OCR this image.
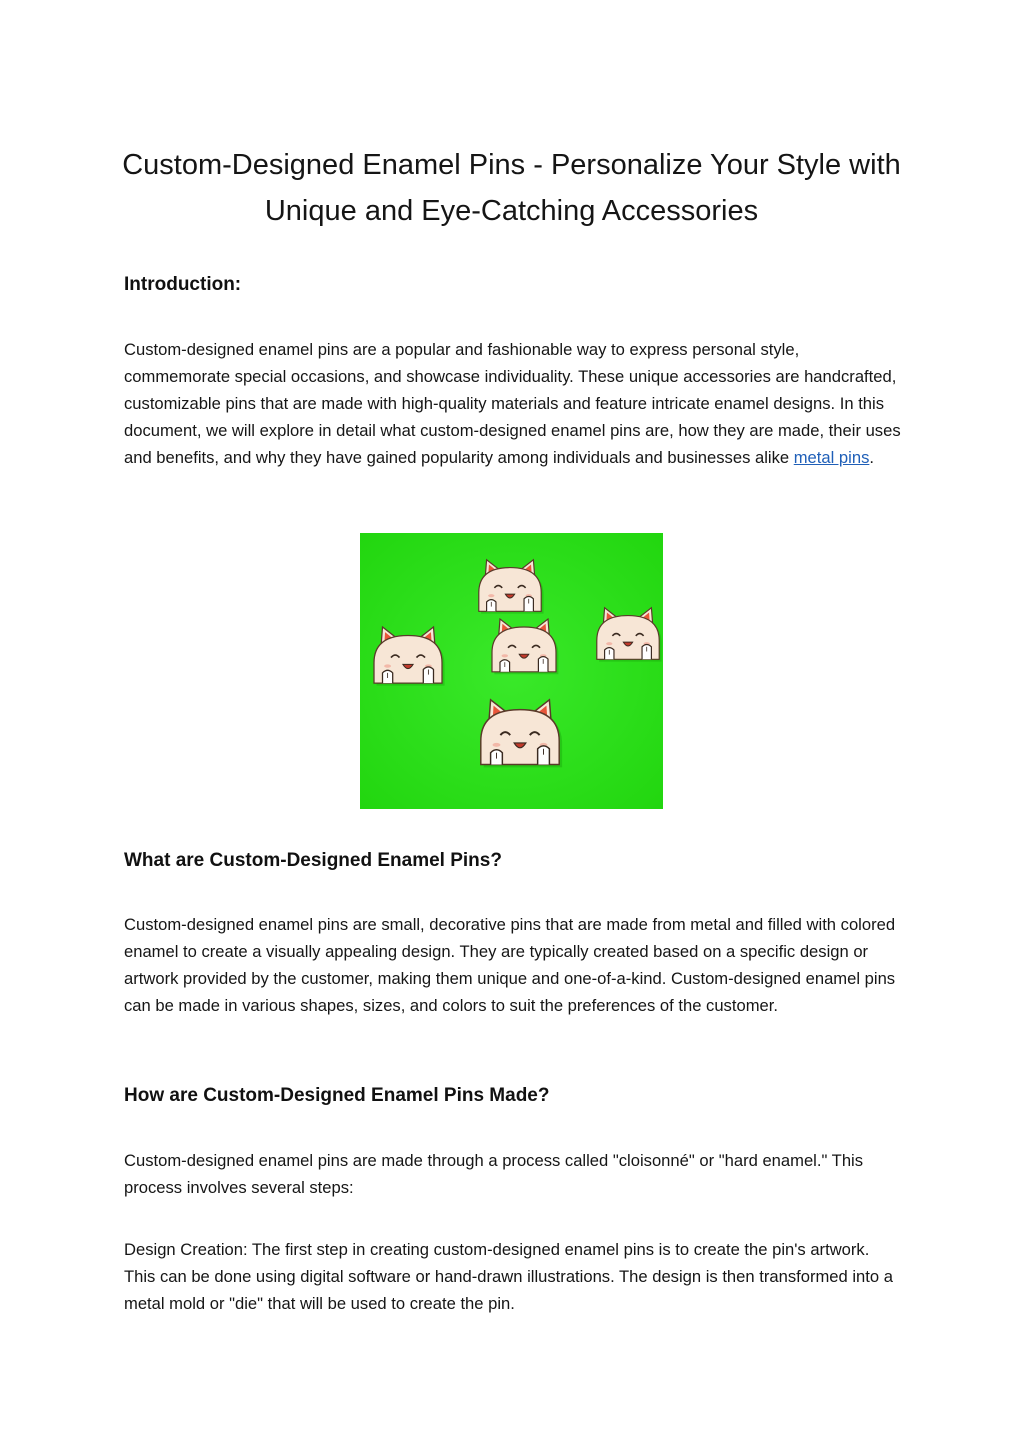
Custom-Designed Enamel Pins - Personalize Your Style with Unique and Eye-Catching Accessories
Introduction:

Custom-designed enamel pins are a popular and fashionable way to express personal style, commemorate special occasions, and showcase individuality. These unique accessories are handcrafted, customizable pins that are made with high-quality materials and feature intricate enamel designs. In this document, we will explore in detail what custom-designed enamel pins are, how they are made, their uses and benefits, and why they have gained popularity among individuals and businesses alike metal pins.

What are Custom-Designed Enamel Pins?

Custom-designed enamel pins are small, decorative pins that are made from metal and filled with colored enamel to create a visually appealing design. They are typically created based on a specific design or artwork provided by the customer, making them unique and one-of-a-kind. Custom-designed enamel pins can be made in various shapes, sizes, and colors to suit the preferences of the customer.

How are Custom-Designed Enamel Pins Made?

Custom-designed enamel pins are made through a process called "cloisonné" or "hard enamel." This process involves several steps:

Design Creation: The first step in creating custom-designed enamel pins is to create the pin's artwork. This can be done using digital software or hand-drawn illustrations. The design is then transformed into a metal mold or "die" that will be used to create the pin.
